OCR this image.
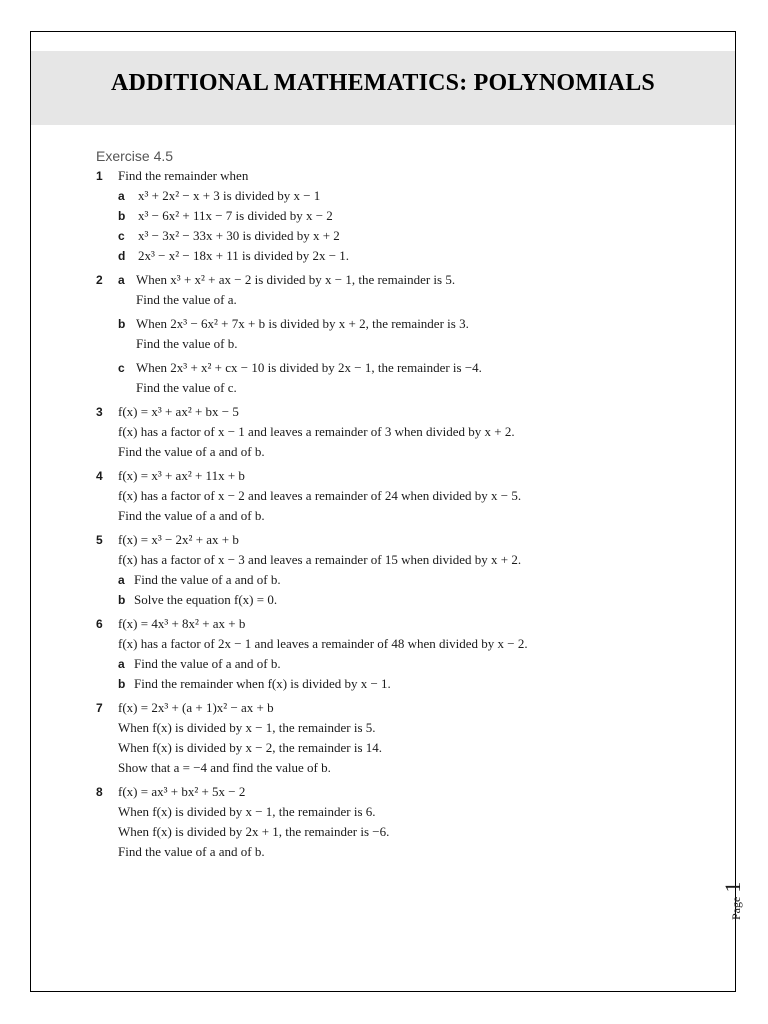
ADDITIONAL MATHEMATICS: POLYNOMIALS
Exercise 4.5
1 Find the remainder when
a x³ + 2x² − x + 3 is divided by x − 1
b x³ − 6x² + 11x − 7 is divided by x − 2
c x³ − 3x² − 33x + 30 is divided by x + 2
d 2x³ − x² − 18x + 11 is divided by 2x − 1.
2 a When x³ + x² + ax − 2 is divided by x − 1, the remainder is 5.
Find the value of a.
b When 2x³ − 6x² + 7x + b is divided by x + 2, the remainder is 3.
Find the value of b.
c When 2x³ + x² + cx − 10 is divided by 2x − 1, the remainder is −4.
Find the value of c.
3 f(x) = x³ + ax² + bx − 5
f(x) has a factor of x − 1 and leaves a remainder of 3 when divided by x + 2.
Find the value of a and of b.
4 f(x) = x³ + ax² + 11x + b
f(x) has a factor of x − 2 and leaves a remainder of 24 when divided by x − 5.
Find the value of a and of b.
5 f(x) = x³ − 2x² + ax + b
f(x) has a factor of x − 3 and leaves a remainder of 15 when divided by x + 2.
a Find the value of a and of b.
b Solve the equation f(x) = 0.
6 f(x) = 4x³ + 8x² + ax + b
f(x) has a factor of 2x − 1 and leaves a remainder of 48 when divided by x − 2.
a Find the value of a and of b.
b Find the remainder when f(x) is divided by x − 1.
7 f(x) = 2x³ + (a + 1)x² − ax + b
When f(x) is divided by x − 1, the remainder is 5.
When f(x) is divided by x − 2, the remainder is 14.
Show that a = −4 and find the value of b.
8 f(x) = ax³ + bx² + 5x − 2
When f(x) is divided by x − 1, the remainder is 6.
When f(x) is divided by 2x + 1, the remainder is −6.
Find the value of a and of b.
Page1
